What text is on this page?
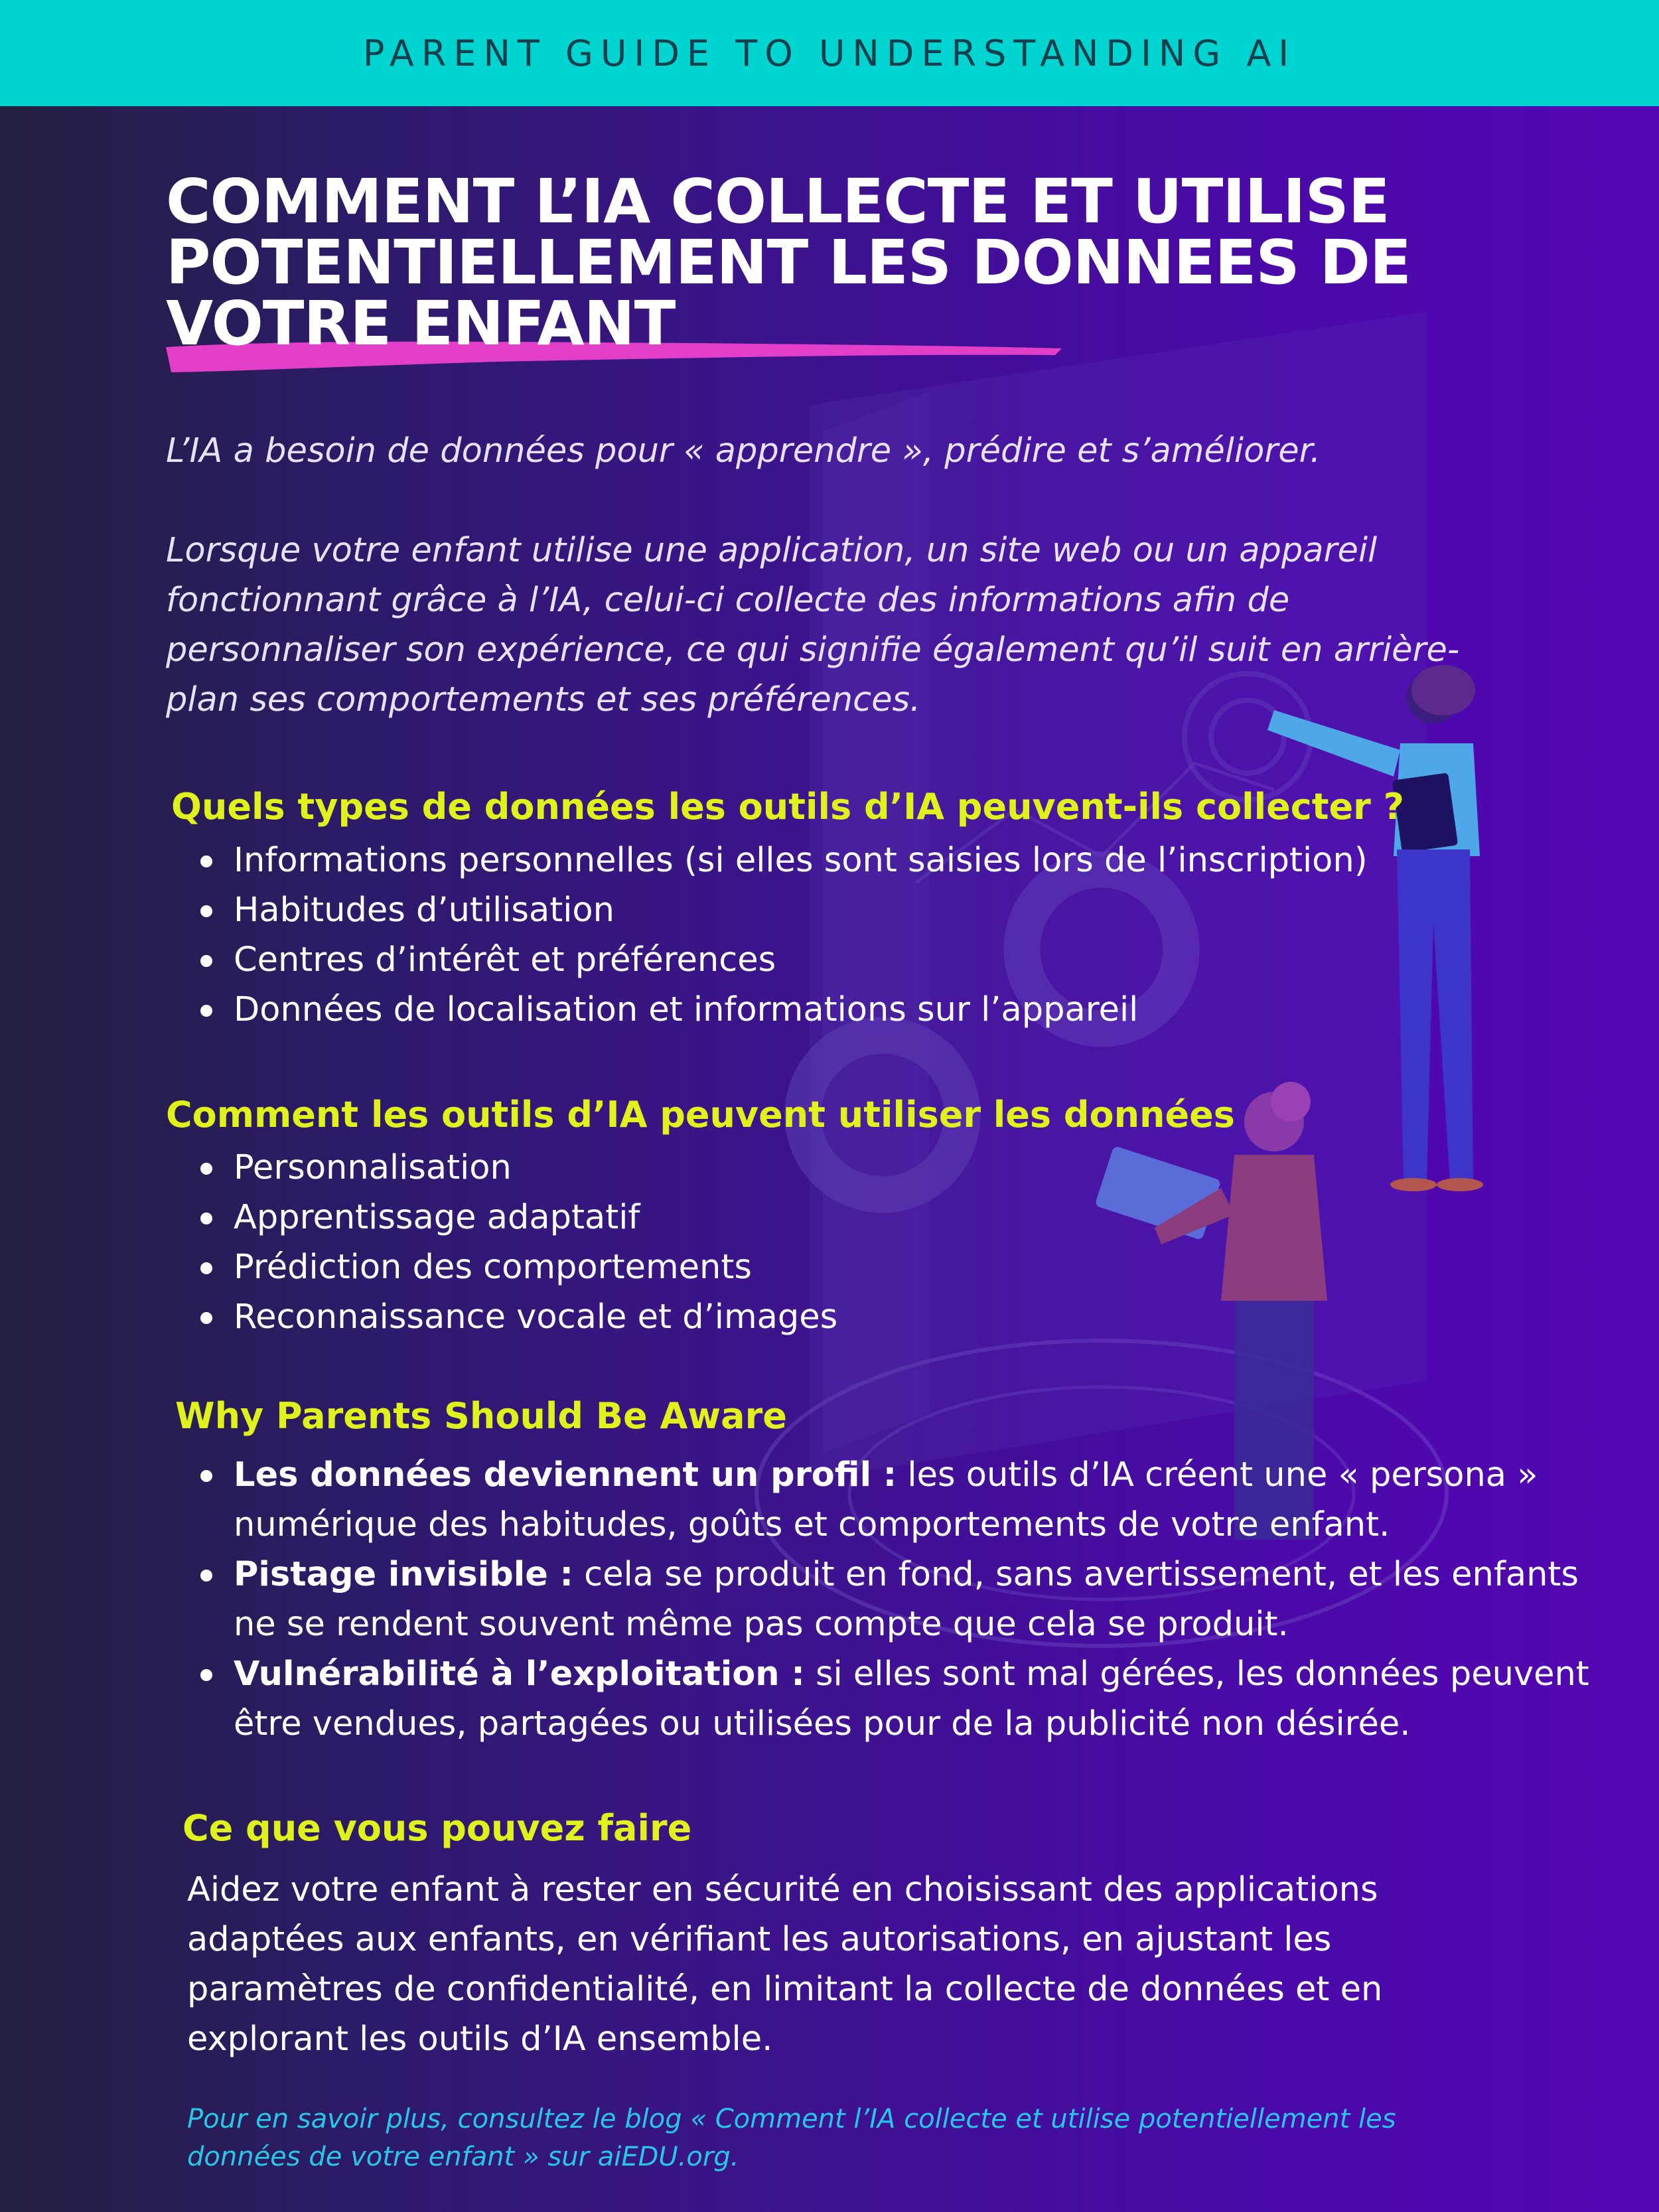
PARENT GUIDE TO UNDERSTANDING AI
COMMENT L’IA COLLECTE ET UTILISE
POTENTIELLEMENT LES DONNEES DE
VOTRE ENFANT

L’IA a besoin de données pour « apprendre », prédire et s’améliorer.

Lorsque votre enfant utilise une application, un site web ou un appareil
fonctionnant grâce à l’IA, celui-ci collecte des informations afin de
personnaliser son expérience, ce qui signifie également qu’il suit en arrière-
plan ses comportements et ses préférences.

Quels types de données les outils d’IA peuvent-ils collecter ?
Informations personnelles (si elles sont saisies lors de l’inscription)
Habitudes d’utilisation
Centres d’intérêt et préférences
Données de localisation et informations sur l’appareil
Comment les outils d’IA peuvent utiliser les données
Personnalisation
Apprentissage adaptatif
Prédiction des comportements
Reconnaissance vocale et d’images
Why Parents Should Be Aware
Les données deviennent un profil : les outils d’IA créent une « persona » numérique des habitudes, goûts et comportements de votre enfant.
Pistage invisible : cela se produit en fond, sans avertissement, et les enfants ne se rendent souvent même pas compte que cela se produit.
Vulnérabilité à l’exploitation : si elles sont mal gérées, les données peuvent être vendues, partagées ou utilisées pour de la publicité non désirée.
Ce que vous pouvez faire

Aidez votre enfant à rester en sécurité en choisissant des applications
adaptées aux enfants, en vérifiant les autorisations, en ajustant les
paramètres de confidentialité, en limitant la collecte de données et en
explorant les outils d’IA ensemble.

Pour en savoir plus, consultez le blog « Comment l’IA collecte et utilise potentiellement les
données de votre enfant » sur aiEDU.org.
